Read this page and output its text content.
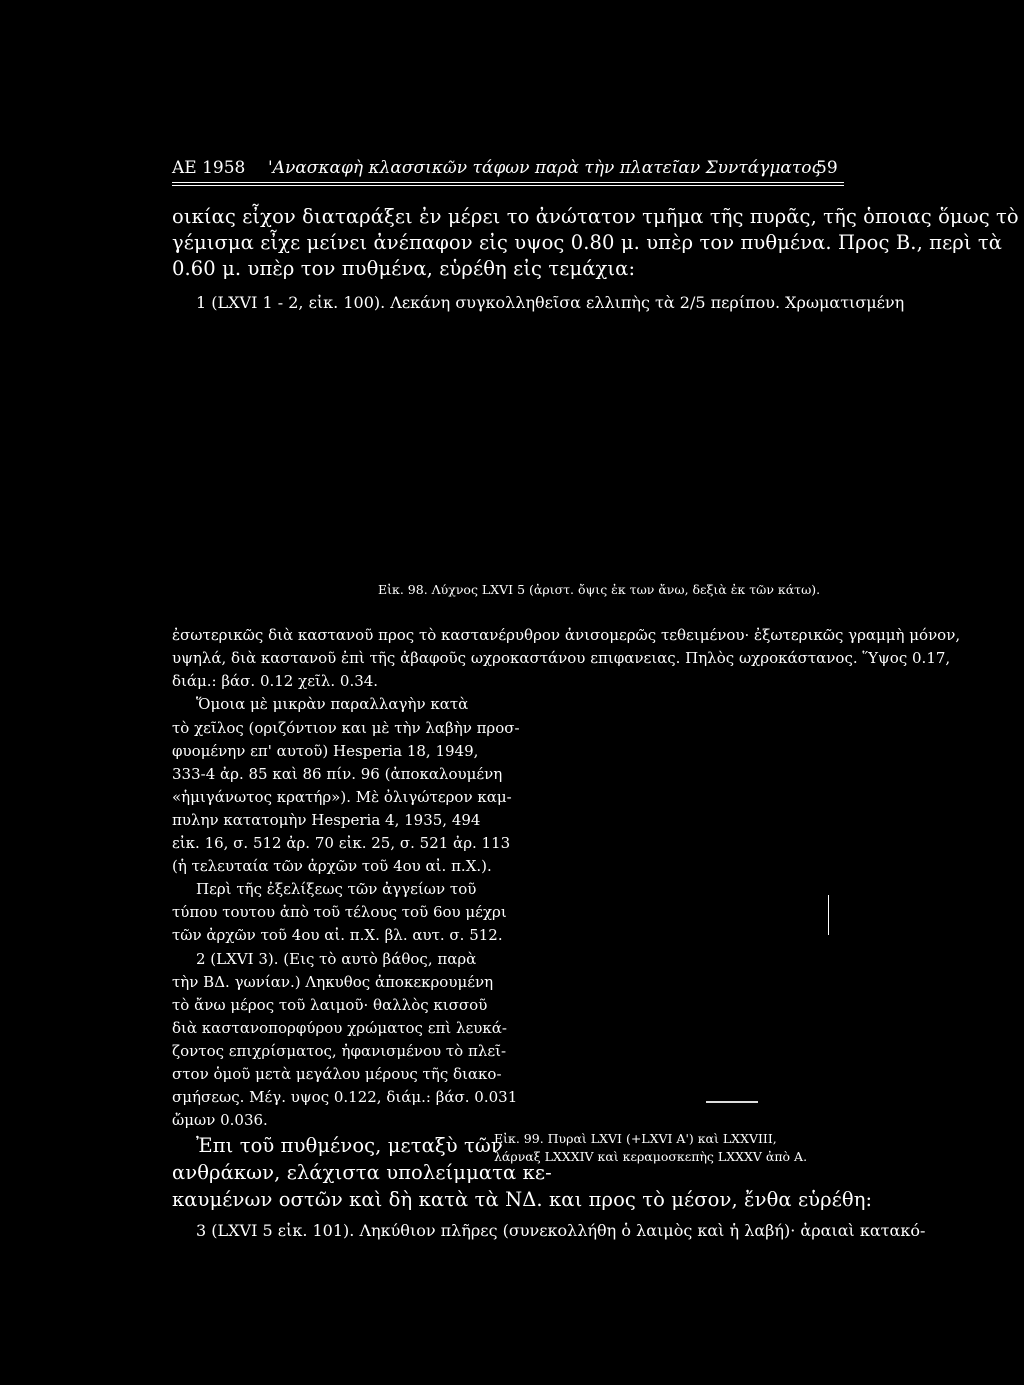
ΑΕ 1958 'Ανασκαφὴ κλασσικῶν τάφων παρὰ τὴν πλατεῖαν Συντάγματος
59
οικίας εἶχον διαταράξει ἐν μέρει το ἀνώτατον τμῆμα τῆς πυρᾶς, τῆς ὁποιας ὅμως τὸ
γέμισμα εἶχε μείνει ἀνέπαφον εἰς υψος 0.80 μ. υπὲρ τον πυθμένα. Προς Β., περὶ τὰ
0.60 μ. υπὲρ τον πυθμένα, εὑρέθη εἰς τεμάχια:
1 (LXVI 1 - 2, εἰκ. 100). Λεκάνη συγκολληθεῖσα ελλιπὴς τὰ 2/5 περίπου. Χρωματισμένη
Εἰκ. 98. Λύχνος LXVI 5 (ἀριστ. ὄψις ἐκ των ἄνω, δεξιὰ ἐκ τῶν κάτω).
ἐσωτερικῶς διὰ καστανοῦ προς τὸ καστανέρυθρον ἀνισομερῶς τεθειμένου· ἐξωτερικῶς γραμμὴ μόνον,
υψηλά, διὰ καστανοῦ ἐπὶ τῆς ἀβαφοῦς ωχροκαστάνου επιφανειας. Πηλὸς ωχροκάστανος. Ὕψος 0.17,
διάμ.: βάσ. 0.12 χεῖλ. 0.34.
Ὅμοια μὲ μικρὰν παραλλαγὴν κατὰ
τὸ χεῖλος (οριζόντιον και μὲ τὴν λαβὴν προσ-
φυομένην επ' αυτοῦ) Hesperia 18, 1949,
333-4 ἀρ. 85 καὶ 86 πίν. 96 (ἀποκαλουμένη
«ἡμιγάνωτος κρατήρ»). Μὲ ὀλιγώτερον καμ-
πυλην κατατομὴν Hesperia 4, 1935, 494
εἰκ. 16, σ. 512 ἀρ. 70 εἰκ. 25, σ. 521 ἀρ. 113
(ἡ τελευταία τῶν ἀρχῶν τοῦ 4ου αἰ. π.Χ.).
Περὶ τῆς ἐξελίξεως τῶν ἀγγείων τοῦ
τύπου τουτου ἀπὸ τοῦ τέλους τοῦ 6ου μέχρι
τῶν ἀρχῶν τοῦ 4ου αἰ. π.Χ. βλ. αυτ. σ. 512.
2 (LXVI 3). (Εις τὸ αυτὸ βάθος, παρὰ
τὴν ΒΔ. γωνίαν.) Ληκυθος ἀποκεκρουμένη
τὸ ἄνω μέρος τοῦ λαιμοῦ· θαλλὸς κισσοῦ
διὰ καστανοπορφύρου χρώματος επὶ λευκά-
ζοντος επιχρίσματος, ἠφανισμένου τὸ πλεῖ-
στον ὁμοῦ μετὰ μεγάλου μέρους τῆς διακο-
σμήσεως. Μέγ. υψος 0.122, διάμ.: βάσ. 0.031
ὤμων 0.036.
Ἐπι τοῦ πυθμένος, μεταξὺ τῶν
ανθράκων, ελάχιστα υπολείμματα κε-
Εἰκ. 99. Πυραὶ LXVI (+LXVI Α') καὶ LXXVIII,
λάρναξ LXXXIV καὶ κεραμοσκεπὴς LXXXV ἀπὸ Α.
καυμένων οστῶν καὶ δὴ κατὰ τὰ ΝΔ. και προς τὸ μέσον, ἔνθα εὑρέθη:
3 (LXVI 5 εἰκ. 101). Ληκύθιον πλῆρες (συνεκολλήθη ὁ λαιμὸς καὶ ἡ λαβή)· ἀραιαὶ κατακό-
